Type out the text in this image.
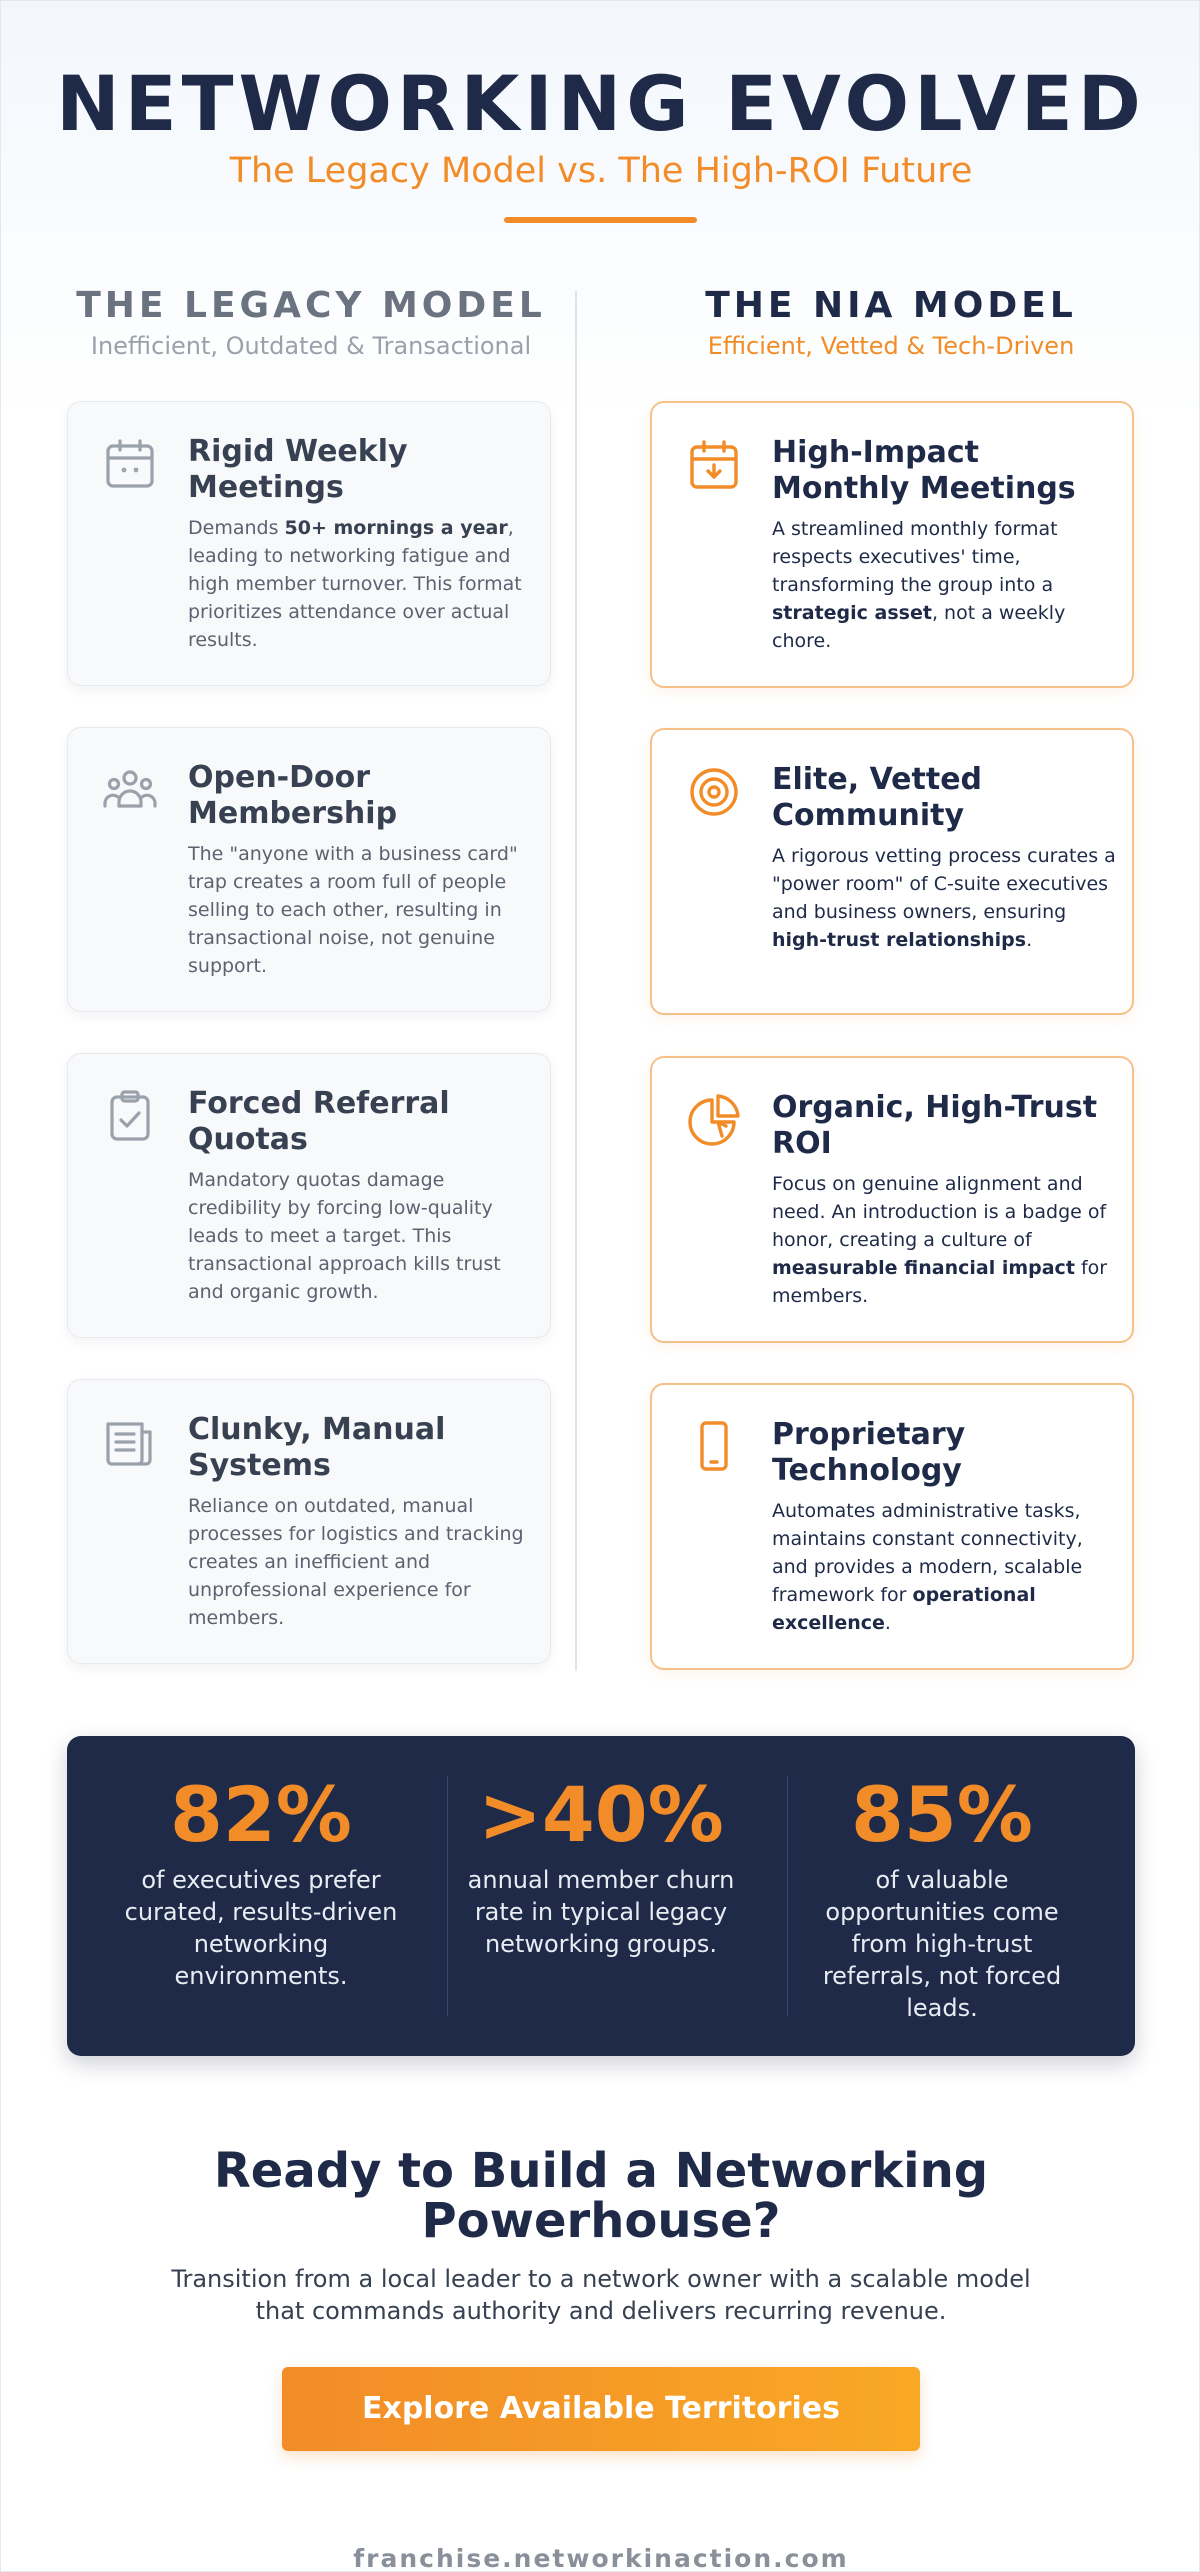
NETWORKING EVOLVED
The Legacy Model vs. The High-ROI Future
THE LEGACY MODEL
Inefficient, Outdated & Transactional
THE NIA MODEL
Efficient, Vetted & Tech-Driven
Rigid Weekly Meetings
Demands 50+ mornings a year, leading to networking fatigue and high member turnover. This format prioritizes attendance over actual results.
Open-Door Membership
The "anyone with a business card" trap creates a room full of people selling to each other, resulting in transactional noise, not genuine support.
Forced Referral Quotas
Mandatory quotas damage credibility by forcing low-quality leads to meet a target. This transactional approach kills trust and organic growth.
Clunky, Manual Systems
Reliance on outdated, manual processes for logistics and tracking creates an inefficient and unprofessional experience for members.
High-Impact Monthly Meetings
A streamlined monthly format respects executives' time, transforming the group into a strategic asset, not a weekly chore.
Elite, Vetted Community
A rigorous vetting process curates a "power room" of C-suite executives and business owners, ensuring high-trust relationships.
Organic, High-Trust ROI
Focus on genuine alignment and need. An introduction is a badge of honor, creating a culture of measurable financial impact for members.
Proprietary Technology
Automates administrative tasks, maintains constant connectivity, and provides a modern, scalable framework for operational excellence.
82%
of executives prefer curated, results-driven networking environments.
>40%
annual member churn rate in typical legacy networking groups.
85%
of valuable opportunities come from high-trust referrals, not forced leads.
Ready to Build a Networking Powerhouse?
Transition from a local leader to a network owner with a scalable model that commands authority and delivers recurring revenue.
Explore Available Territories
franchise.networkinaction.com
